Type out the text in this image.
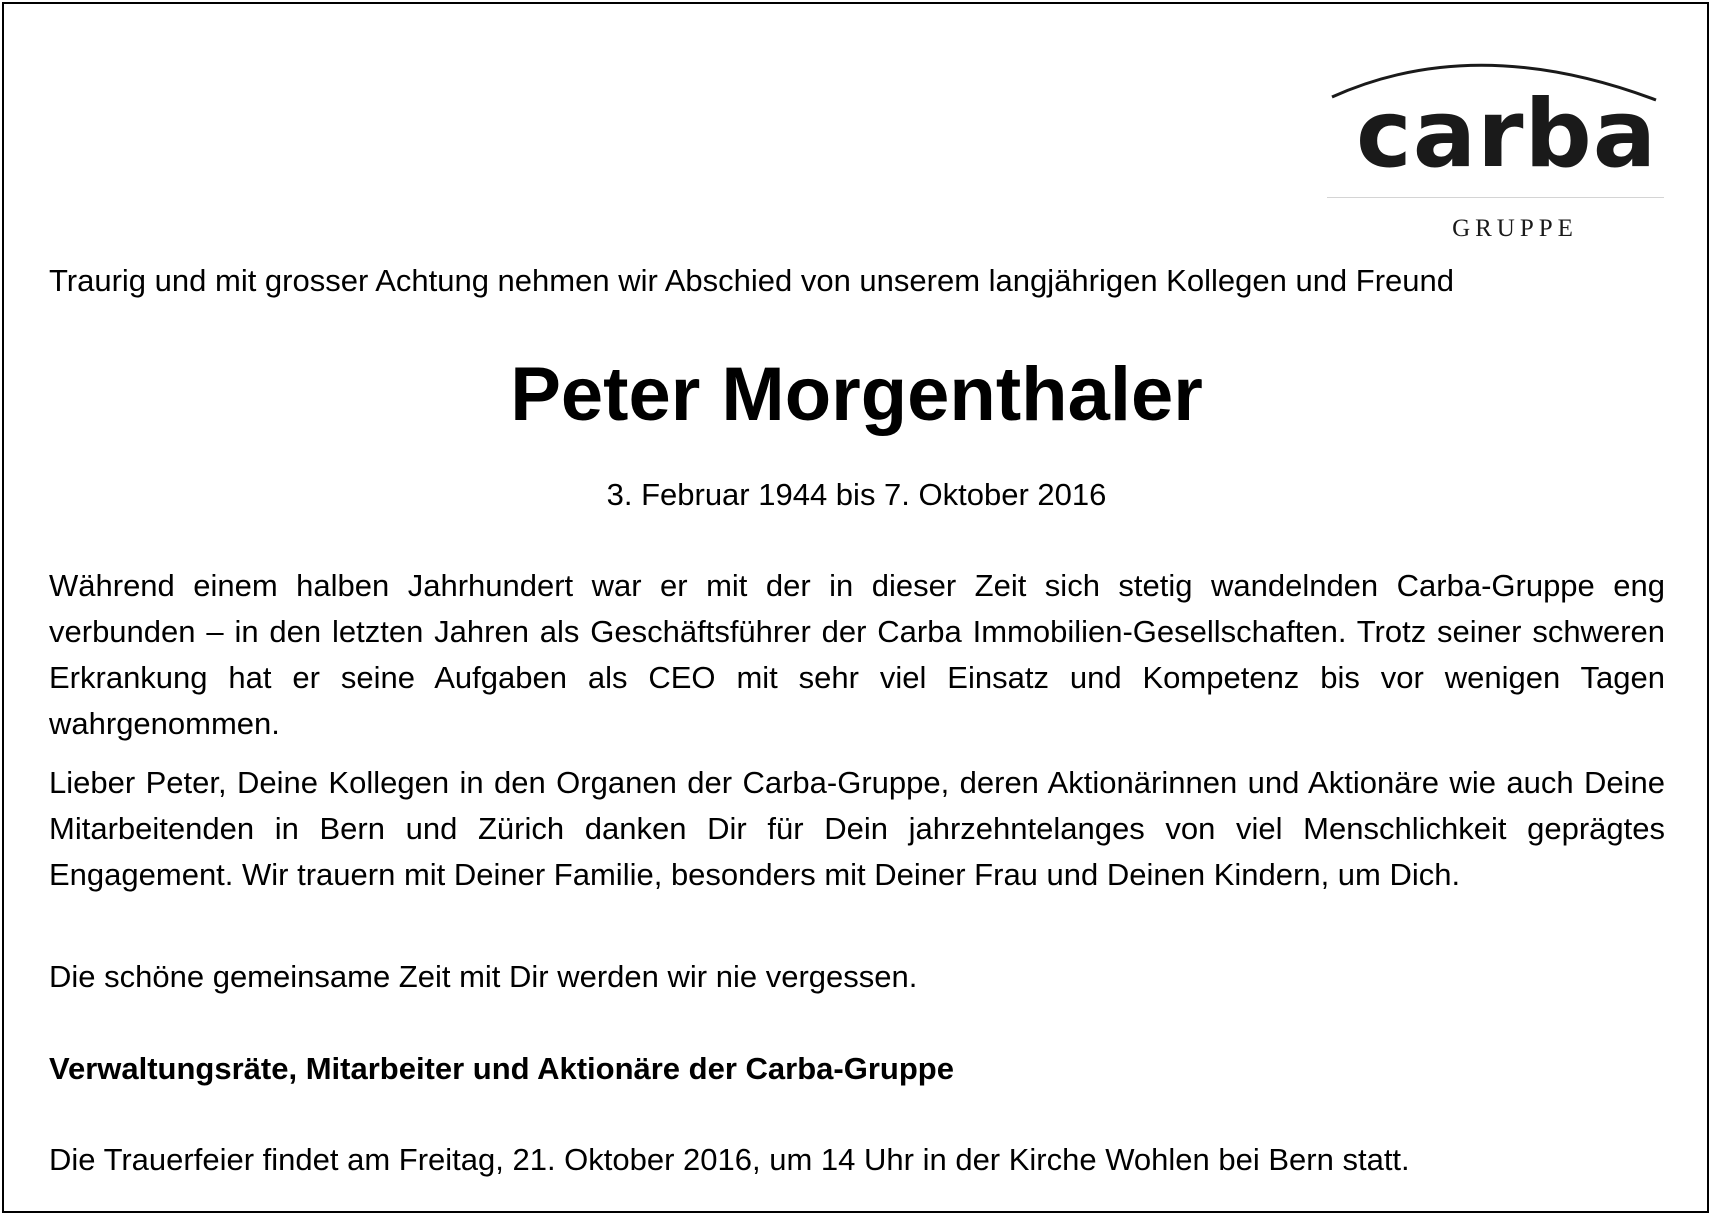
carba
GRUPPE

Traurig und mit grosser Achtung nehmen wir Abschied von unserem langjährigen Kollegen und Freund

Peter Morgenthaler

3. Februar 1944 bis 7. Oktober 2016

Während einem halben Jahrhundert war er mit der in dieser Zeit sich stetig wandelnden Carba-Gruppe eng verbunden – in den letzten Jahren als Geschäftsführer der Carba Immobilien-Gesellschaften. Trotz seiner schweren Erkrankung hat er seine Aufgaben als CEO mit sehr viel Einsatz und Kompetenz bis vor wenigen Tagen wahrgenommen.

Lieber Peter, Deine Kollegen in den Organen der Carba-Gruppe, deren Aktionärinnen und Aktionäre wie auch Deine Mitarbeitenden in Bern und Zürich danken Dir für Dein jahrzehntelanges von viel Menschlichkeit geprägtes Engagement. Wir trauern mit Deiner Familie, besonders mit Deiner Frau und Deinen Kindern, um Dich.

Die schöne gemeinsame Zeit mit Dir werden wir nie vergessen.

Verwaltungsräte, Mitarbeiter und Aktionäre der Carba-Gruppe

Die Trauerfeier findet am Freitag, 21. Oktober 2016, um 14 Uhr in der Kirche Wohlen bei Bern statt.
